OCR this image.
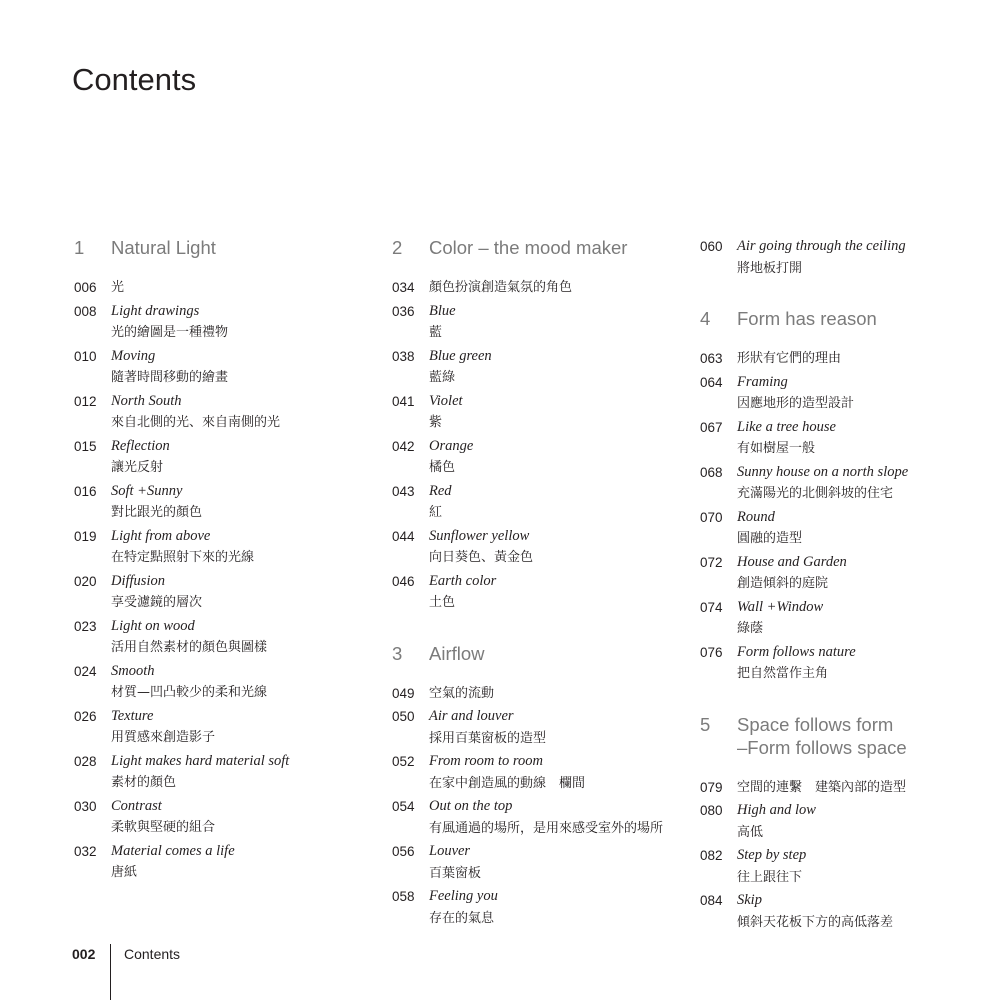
Contents
1	Natural Light
006	光
008 Light drawings
光的繪圖是一種禮物
010 Moving
隨著時間移動的繪畫
012 North South
來自北側的光、來自南側的光
015 Reflection
讓光反射
016 Soft +Sunny
對比跟光的顏色
019 Light from above
在特定點照射下來的光線
020 Diffusion
享受濾鏡的層次
023 Light on wood
活用自然素材的顏色與圖樣
024 Smooth
材質—凹凸較少的柔和光線
026 Texture
用質感來創造影子
028 Light makes hard material soft
素材的顏色
030 Contrast
柔軟與堅硬的組合
032 Material comes a life
唐紙
2	Color – the mood maker
034	顏色扮演創造氣氛的角色
036 Blue
藍
038 Blue green
藍綠
041 Violet
紫
042 Orange
橘色
043 Red
紅
044 Sunflower yellow
向日葵色、黃金色
046 Earth color
土色
3	Airflow
049	空氣的流動
050 Air and louver
採用百葉窗板的造型
052 From room to room
在家中創造風的動線　欄間
054 Out on the top
有風通過的場所，是用來感受室外的場所
056 Louver
百葉窗板
058 Feeling you
存在的氣息
060 Air going through the ceiling
將地板打開
4	Form has reason
063	形狀有它們的理由
064 Framing
因應地形的造型設計
067 Like a tree house
有如樹屋一般
068 Sunny house on a north slope
充滿陽光的北側斜坡的住宅
070 Round
圓融的造型
072 House and Garden
創造傾斜的庭院
074 Wall +Window
綠蔭
076 Form follows nature
把自然當作主角
5	Space follows form
–Form follows space
079	空間的連繫　建築內部的造型
080 High and low
高低
082 Step by step
往上跟往下
084 Skip
傾斜天花板下方的高低落差
002 Contents
